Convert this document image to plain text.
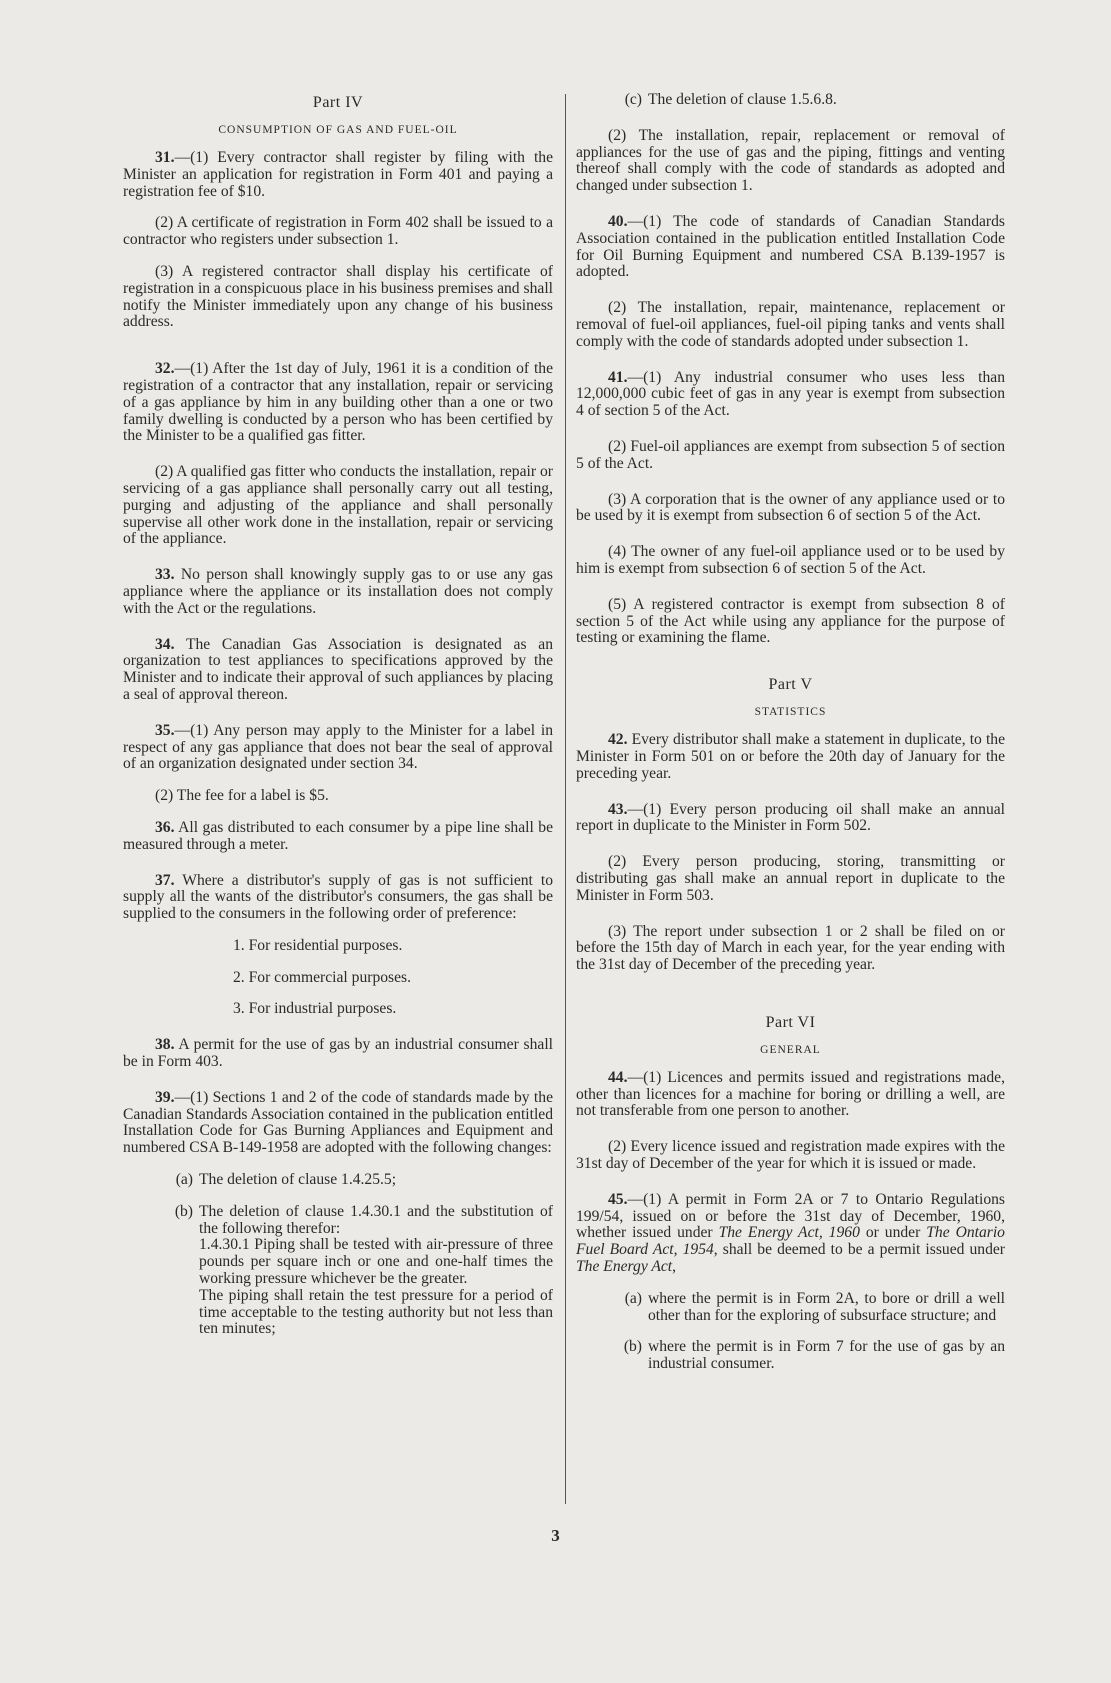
Part IV
CONSUMPTION OF GAS AND FUEL-OIL

31.—(1) Every contractor shall register by filing with the Minister an application for registration in Form 401 and paying a registration fee of $10.

(2) A certificate of registration in Form 402 shall be issued to a contractor who registers under subsection 1.

(3) A registered contractor shall display his certificate of registration in a conspicuous place in his business premises and shall notify the Minister immediately upon any change of his business address.

32.—(1) After the 1st day of July, 1961 it is a condition of the registration of a contractor that any installation, repair or servicing of a gas appliance by him in any building other than a one or two family dwelling is conducted by a person who has been certified by the Minister to be a qualified gas fitter.

(2) A qualified gas fitter who conducts the installation, repair or servicing of a gas appliance shall personally carry out all testing, purging and adjusting of the appliance and shall personally supervise all other work done in the installation, repair or servicing of the appliance.

33. No person shall knowingly supply gas to or use any gas appliance where the appliance or its installation does not comply with the Act or the regulations.

34. The Canadian Gas Association is designated as an organization to test appliances to specifications approved by the Minister and to indicate their approval of such appliances by placing a seal of approval thereon.

35.—(1) Any person may apply to the Minister for a label in respect of any gas appliance that does not bear the seal of approval of an organization designated under section 34.

(2) The fee for a label is $5.

36. All gas distributed to each consumer by a pipe line shall be measured through a meter.

37. Where a distributor's supply of gas is not sufficient to supply all the wants of the distributor's consumers, the gas shall be supplied to the consumers in the following order of preference:

1. For residential purposes.
2. For commercial purposes.
3. For industrial purposes.

38. A permit for the use of gas by an industrial consumer shall be in Form 403.

39.—(1) Sections 1 and 2 of the code of standards made by the Canadian Standards Association contained in the publication entitled Installation Code for Gas Burning Appliances and Equipment and numbered CSA B-149-1958 are adopted with the following changes:

(a) The deletion of clause 1.4.25.5;
(b) The deletion of clause 1.4.30.1 and the substitution of the following therefor:
1.4.30.1 Piping shall be tested with air-pressure of three pounds per square inch or one and one-half times the working pressure whichever be the greater.
The piping shall retain the test pressure for a period of time acceptable to the testing authority but not less than ten minutes;
(c) The deletion of clause 1.5.6.8.

(2) The installation, repair, replacement or removal of appliances for the use of gas and the piping, fittings and venting thereof shall comply with the code of standards as adopted and changed under subsection 1.

40.—(1) The code of standards of Canadian Standards Association contained in the publication entitled Installation Code for Oil Burning Equipment and numbered CSA B.139-1957 is adopted.

(2) The installation, repair, maintenance, replacement or removal of fuel-oil appliances, fuel-oil piping tanks and vents shall comply with the code of standards adopted under subsection 1.

41.—(1) Any industrial consumer who uses less than 12,000,000 cubic feet of gas in any year is exempt from subsection 4 of section 5 of the Act.

(2) Fuel-oil appliances are exempt from subsection 5 of section 5 of the Act.

(3) A corporation that is the owner of any appliance used or to be used by it is exempt from subsection 6 of section 5 of the Act.

(4) The owner of any fuel-oil appliance used or to be used by him is exempt from subsection 6 of section 5 of the Act.

(5) A registered contractor is exempt from subsection 8 of section 5 of the Act while using any appliance for the purpose of testing or examining the flame.

Part V
STATISTICS

42. Every distributor shall make a statement in duplicate, to the Minister in Form 501 on or before the 20th day of January for the preceding year.

43.—(1) Every person producing oil shall make an annual report in duplicate to the Minister in Form 502.

(2) Every person producing, storing, transmitting or distributing gas shall make an annual report in duplicate to the Minister in Form 503.

(3) The report under subsection 1 or 2 shall be filed on or before the 15th day of March in each year, for the year ending with the 31st day of December of the preceding year.

Part VI
GENERAL

44.—(1) Licences and permits issued and registrations made, other than licences for a machine for boring or drilling a well, are not transferable from one person to another.

(2) Every licence issued and registration made expires with the 31st day of December of the year for which it is issued or made.

45.—(1) A permit in Form 2A or 7 to Ontario Regulations 199/54, issued on or before the 31st day of December, 1960, whether issued under The Energy Act, 1960 or under The Ontario Fuel Board Act, 1954, shall be deemed to be a permit issued under The Energy Act,

(a) where the permit is in Form 2A, to bore or drill a well other than for the exploring of subsurface structure; and
(b) where the permit is in Form 7 for the use of gas by an industrial consumer.
3
